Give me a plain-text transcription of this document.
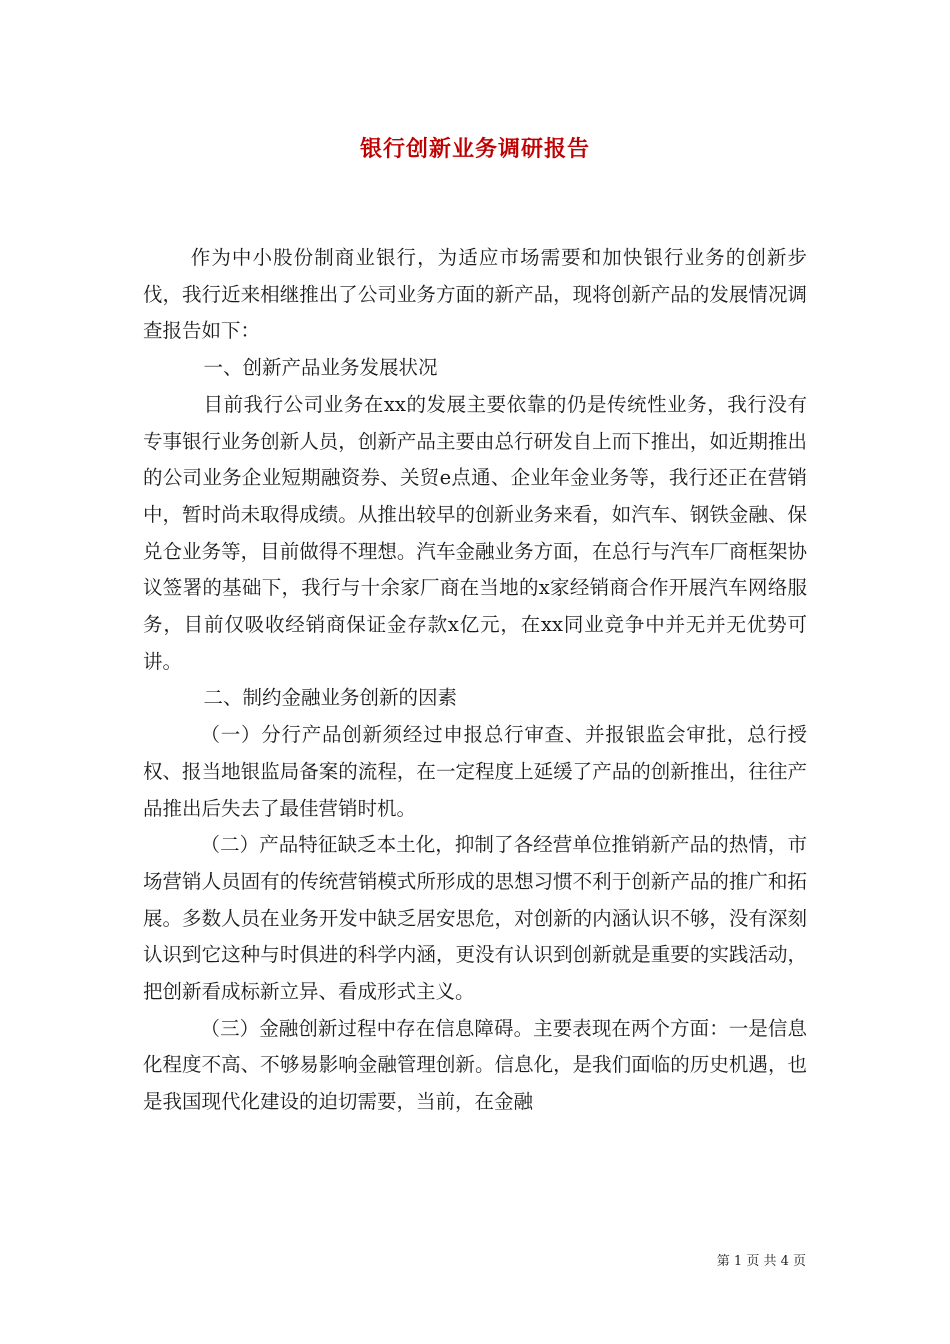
银行创新业务调研报告

作为中小股份制商业银行，为适应市场需要和加快银行业务的创新步伐，我行近来相继推出了公司业务方面的新产品，现将创新产品的发展情况调查报告如下：

一、创新产品业务发展状况

目前我行公司业务在xx的发展主要依靠的仍是传统性业务，我行没有专事银行业务创新人员，创新产品主要由总行研发自上而下推出，如近期推出的公司业务企业短期融资券、关贸e点通、企业年金业务等，我行还正在营销中，暂时尚未取得成绩。从推出较早的创新业务来看，如汽车、钢铁金融、保兑仓业务等，目前做得不理想。汽车金融业务方面，在总行与汽车厂商框架协议签署的基础下，我行与十余家厂商在当地的x家经销商合作开展汽车网络服务，目前仅吸收经销商保证金存款x亿元，在xx同业竞争中并无并无优势可讲。

二、制约金融业务创新的因素

（一）分行产品创新须经过申报总行审查、并报银监会审批，总行授权、报当地银监局备案的流程，在一定程度上延缓了产品的创新推出，往往产品推出后失去了最佳营销时机。

（二）产品特征缺乏本土化，抑制了各经营单位推销新产品的热情，市场营销人员固有的传统营销模式所形成的思想习惯不利于创新产品的推广和拓展。多数人员在业务开发中缺乏居安思危，对创新的内涵认识不够，没有深刻认识到它这种与时俱进的科学内涵，更没有认识到创新就是重要的实践活动，把创新看成标新立异、看成形式主义。

（三）金融创新过程中存在信息障碍。主要表现在两个方面：一是信息化程度不高、不够易影响金融管理创新。信息化，是我们面临的历史机遇，也是我国现代化建设的迫切需要，当前，在金融

第 1 页 共 4 页
